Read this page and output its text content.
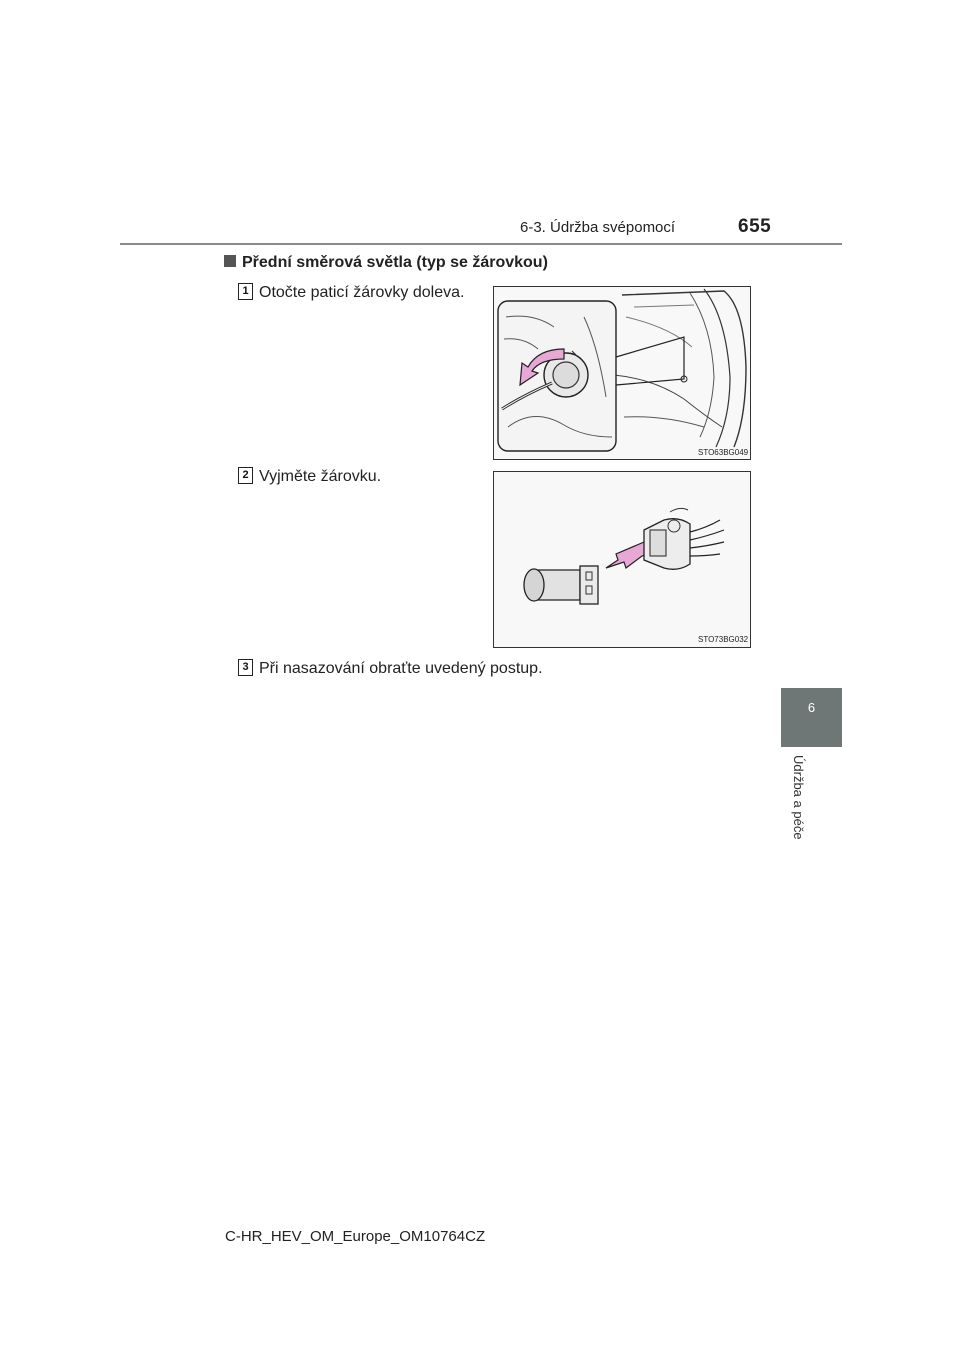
6-3. Údržba svépomocí	655
6
Údržba a péče
Přední směrová světla (typ se žárovkou)
1 Otočte paticí žárovky doleva.
STO63BG049
2 Vyjměte žárovku.
STO73BG032
3 Při nasazování obraťte uvedený postup.
C-HR_HEV_OM_Europe_OM10764CZ
